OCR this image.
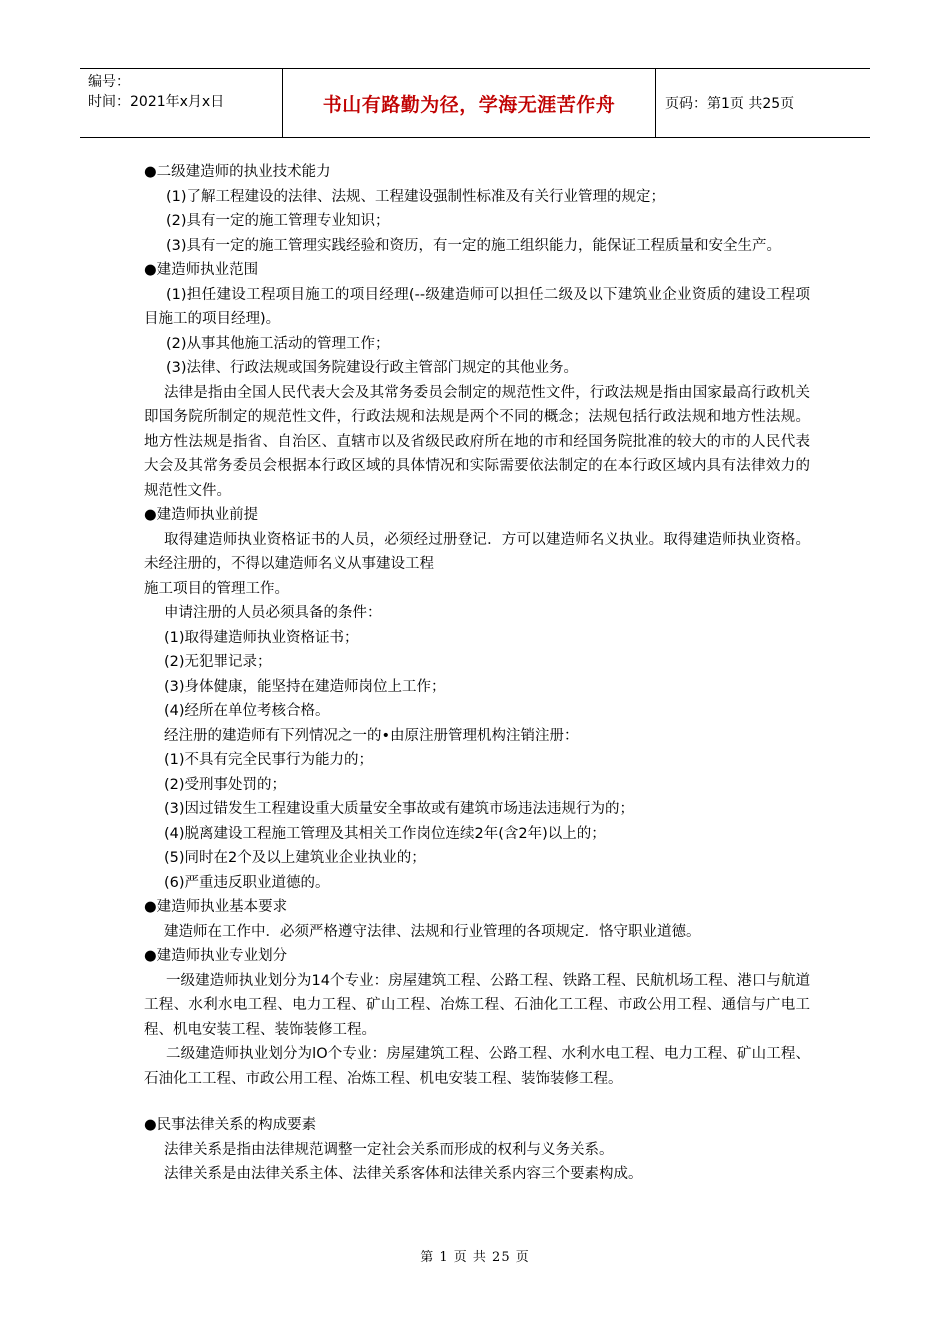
编号：
时间：2021年x月x日	书山有路勤为径，学海无涯苦作舟	页码：第1页 共25页

●二级建造师的执业技术能力

(1)了解工程建设的法律、法规、工程建设强制性标准及有关行业管理的规定；

(2)具有一定的施工管理专业知识；

(3)具有一定的施工管理实践经验和资历，有一定的施工组织能力，能保证工程质量和安全生产。

●建造师执业范围

(1)担任建设工程项目施工的项目经理(--级建造师可以担任二级及以下建筑业企业资质的建设工程项目施工的项目经理)。

(2)从事其他施工活动的管理工作；

(3)法律、行政法规或国务院建设行政主管部门规定的其他业务。

法律是指由全国人民代表大会及其常务委员会制定的规范性文件，行政法规是指由国家最高行政机关即国务院所制定的规范性文件，行政法规和法规是两个不同的概念；法规包括行政法规和地方性法规。地方性法规是指省、自治区、直辖市以及省级民政府所在地的市和经国务院批准的较大的市的人民代表大会及其常务委员会根据本行政区域的具体情况和实际需要依法制定的在本行政区域内具有法律效力的规范性文件。

●建造师执业前提

取得建造师执业资格证书的人员，必须经过册登记．方可以建造师名义执业。取得建造师执业资格。未经注册的，不得以建造师名义从事建设工程

施工项目的管理工作。

申请注册的人员必须具备的条件：

(1)取得建造师执业资格证书；

(2)无犯罪记录；

(3)身体健康，能坚持在建造师岗位上工作；

(4)经所在单位考核合格。

经注册的建造师有下列情况之一的•由原注册管理机构注销注册：

(1)不具有完全民事行为能力的；

(2)受刑事处罚的；

(3)因过错发生工程建设重大质量安全事故或有建筑市场违法违规行为的；

(4)脱离建设工程施工管理及其相关工作岗位连续2年(含2年)以上的；

(5)同时在2个及以上建筑业企业执业的；

(6)严重违反职业道德的。

●建造师执业基本要求

建造师在工作中．必须严格遵守法律、法规和行业管理的各项规定．恪守职业道德。

●建造师执业专业划分

一级建造师执业划分为14个专业：房屋建筑工程、公路工程、铁路工程、民航机场工程、港口与航道工程、水利水电工程、电力工程、矿山工程、冶炼工程、石油化工工程、市政公用工程、通信与广电工程、机电安装工程、装饰装修工程。

二级建造师执业划分为lO个专业：房屋建筑工程、公路工程、水利水电工程、电力工程、矿山工程、石油化工工程、市政公用工程、冶炼工程、机电安装工程、装饰装修工程。

●民事法律关系的构成要素

法律关系是指由法律规范调整一定社会关系而形成的权利与义务关系。

法律关系是由法律关系主体、法律关系客体和法律关系内容三个要素构成。

第 1 页 共 25 页
